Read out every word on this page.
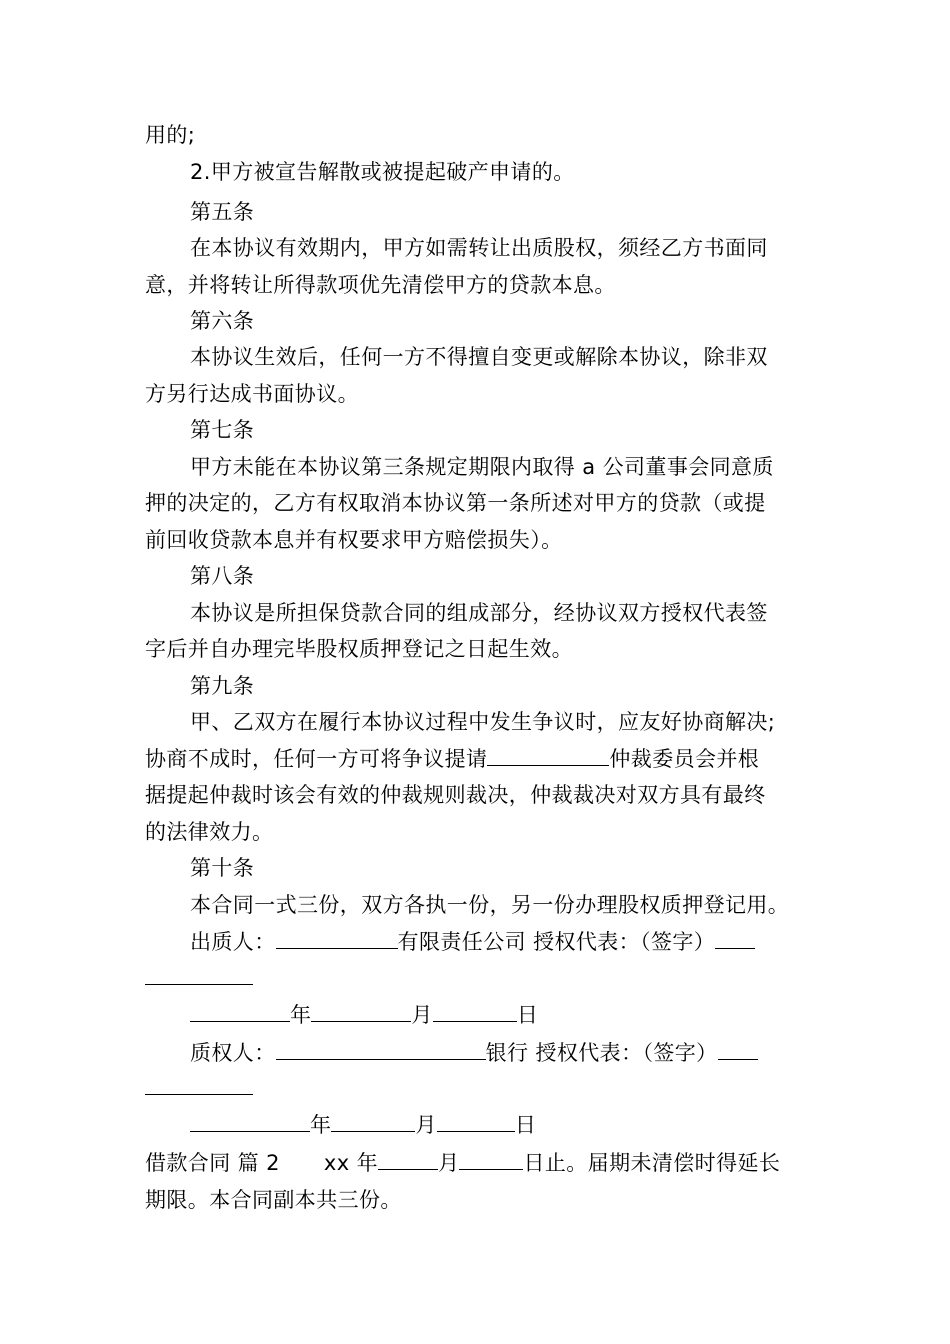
用的;
2.甲方被宣告解散或被提起破产申请的。
第五条
在本协议有效期内，甲方如需转让出质股权，须经乙方书面同
意，并将转让所得款项优先清偿甲方的贷款本息。
第六条
本协议生效后，任何一方不得擅自变更或解除本协议，除非双
方另行达成书面协议。
第七条
甲方未能在本协议第三条规定期限内取得 a 公司董事会同意质
押的决定的，乙方有权取消本协议第一条所述对甲方的贷款（或提
前回收贷款本息并有权要求甲方赔偿损失）。
第八条
本协议是所担保贷款合同的组成部分，经协议双方授权代表签
字后并自办理完毕股权质押登记之日起生效。
第九条
甲、乙双方在履行本协议过程中发生争议时，应友好协商解决;
协商不成时，任何一方可将争议提请	仲裁委员会并根
据提起仲裁时该会有效的仲裁规则裁决，仲裁裁决对双方具有最终
的法律效力。
第十条
本合同一式三份，双方各执一份，另一份办理股权质押登记用。
出质人：	有限责任公司 授权代表：（签字）
年	月	日
质权人：	银行 授权代表：（签字）
年	月	日
借款合同 篇 2 xx 年	月	日止。届期未清偿时得延长
期限。本合同副本共三份。
